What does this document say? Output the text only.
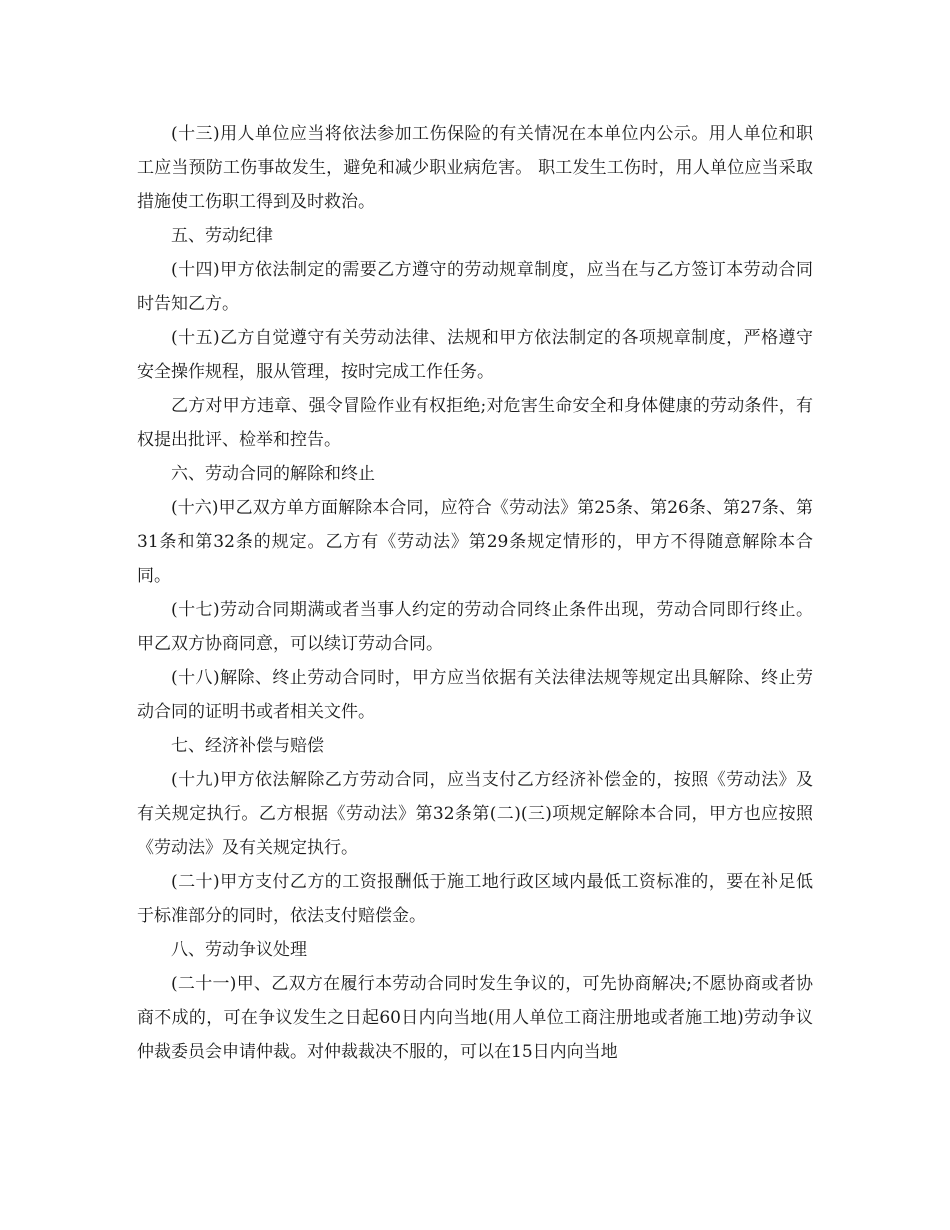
(十三)用人单位应当将依法参加工伤保险的有关情况在本单位内公示。用人单位和职工应当预防工伤事故发生，避免和减少职业病危害。 职工发生工伤时，用人单位应当采取措施使工伤职工得到及时救治。

五、劳动纪律

(十四)甲方依法制定的需要乙方遵守的劳动规章制度，应当在与乙方签订本劳动合同时告知乙方。

(十五)乙方自觉遵守有关劳动法律、法规和甲方依法制定的各项规章制度，严格遵守安全操作规程，服从管理，按时完成工作任务。

乙方对甲方违章、强令冒险作业有权拒绝;对危害生命安全和身体健康的劳动条件，有权提出批评、检举和控告。

六、劳动合同的解除和终止

(十六)甲乙双方单方面解除本合同，应符合《劳动法》第25条、第26条、第27条、第31条和第32条的规定。乙方有《劳动法》第29条规定情形的，甲方不得随意解除本合同。

(十七)劳动合同期满或者当事人约定的劳动合同终止条件出现，劳动合同即行终止。甲乙双方协商同意，可以续订劳动合同。

(十八)解除、终止劳动合同时，甲方应当依据有关法律法规等规定出具解除、终止劳动合同的证明书或者相关文件。

七、经济补偿与赔偿

(十九)甲方依法解除乙方劳动合同，应当支付乙方经济补偿金的，按照《劳动法》及有关规定执行。乙方根据《劳动法》第32条第(二)(三)项规定解除本合同，甲方也应按照《劳动法》及有关规定执行。

(二十)甲方支付乙方的工资报酬低于施工地行政区域内最低工资标准的，要在补足低于标准部分的同时，依法支付赔偿金。

八、劳动争议处理

(二十一)甲、乙双方在履行本劳动合同时发生争议的，可先协商解决;不愿协商或者协商不成的，可在争议发生之日起60日内向当地(用人单位工商注册地或者施工地)劳动争议仲裁委员会申请仲裁。对仲裁裁决不服的，可以在15日内向当地
